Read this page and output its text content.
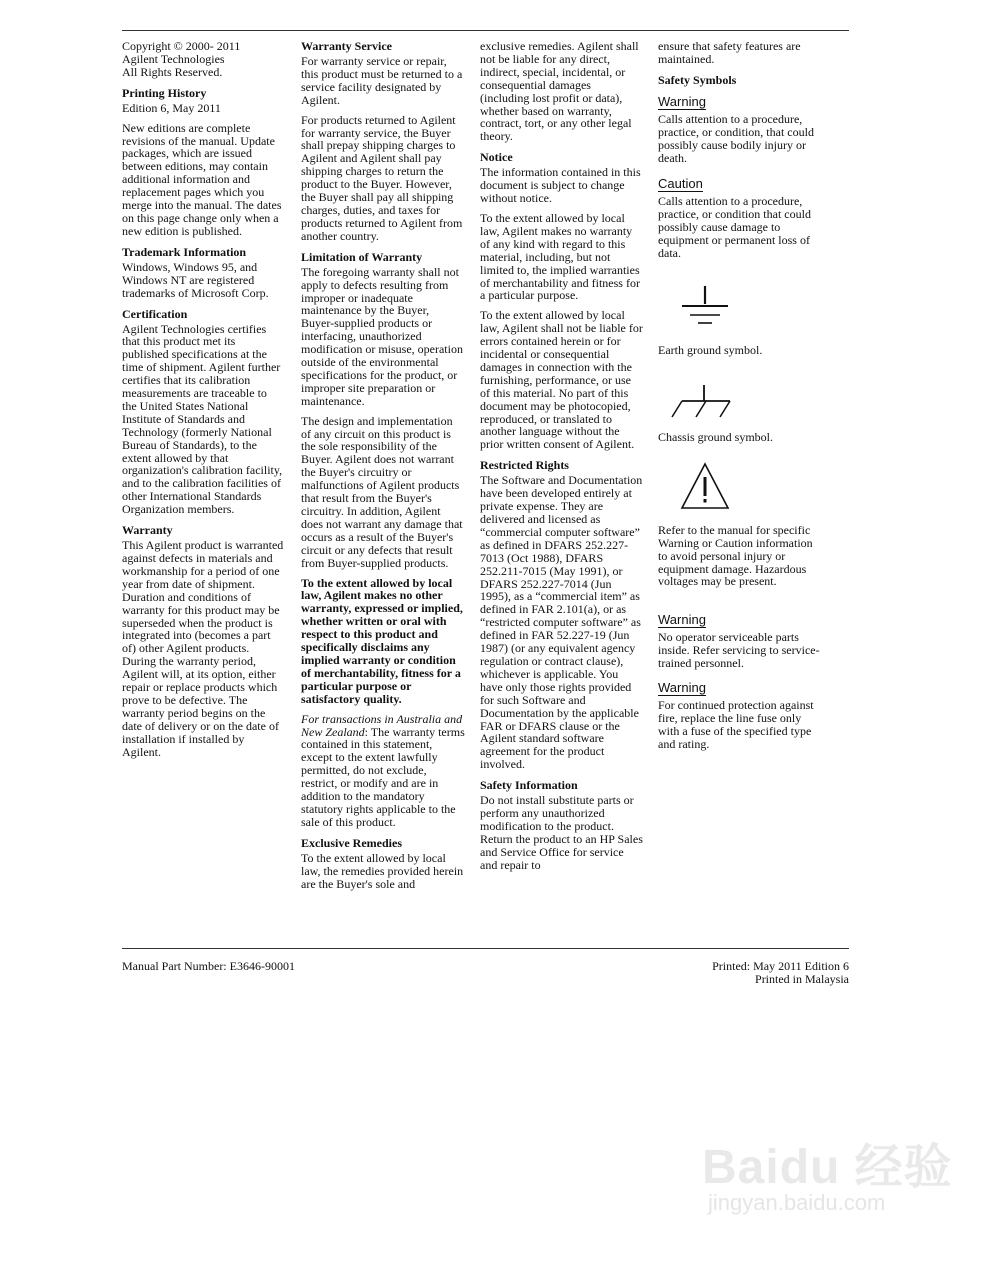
Copyright © 2000- 2011
Agilent Technologies

All Rights Reserved.

Printing History

Edition 6, May 2011

New editions are complete revisions of the manual. Update packages, which are issued between editions, may contain additional information and replacement pages which you merge into the manual. The dates on this page change only when a new edition is published.

Trademark Information

Windows, Windows 95, and Windows NT are registered trademarks of Microsoft Corp.

Certification

Agilent Technologies certifies that this product met its published specifications at the time of shipment. Agilent further certifies that its calibration measurements are traceable to the United States National Institute of Standards and Technology (formerly National Bureau of Standards), to the extent allowed by that organization's calibration facility, and to the calibration facilities of other International Standards Organization members.

Warranty
This Agilent product is warranted against defects in materials and workmanship for a period of one year from date of shipment. Duration and conditions of warranty for this product may be superseded when the product is integrated into (becomes a part of) other Agilent products.

During the warranty period, Agilent will, at its option, either repair or replace products which prove to be defective. The warranty period begins on the date of delivery or on the date of installation if installed by Agilent.

Warranty Service

For warranty service or repair, this product must be returned to a service facility designated by Agilent.

For products returned to Agilent for warranty service, the Buyer shall prepay shipping charges to Agilent and Agilent shall pay shipping charges to return the product to the Buyer. However, the Buyer shall pay all shipping charges, duties, and taxes for products returned to Agilent from another country.

Limitation of Warranty

The foregoing warranty shall not apply to defects resulting from improper or inadequate maintenance by the Buyer, Buyer-supplied products or interfacing, unauthorized modification or misuse, operation outside of the environmental specifications for the product, or improper site preparation or maintenance.

The design and implementation of any circuit on this product is the sole responsibility of the Buyer. Agilent does not warrant the Buyer's circuitry or malfunctions of Agilent products that result from the Buyer's circuitry. In addition, Agilent does not warrant any damage that occurs as a result of the Buyer's circuit or any defects that result from Buyer-supplied products.

To the extent allowed by local law, Agilent makes no other warranty, expressed or implied, whether written or oral with respect to this product and specifically disclaims any implied warranty or condition of merchantability, fitness for a particular purpose or satisfactory quality.

For transactions in Australia and New Zealand: The warranty terms contained in this statement, except to the extent lawfully permitted, do not exclude, restrict, or modify and are in addition to the mandatory statutory rights applicable to the sale of this product.

Exclusive Remedies

To the extent allowed by local law, the remedies provided herein are the Buyer's sole and

exclusive remedies. Agilent shall not be liable for any direct, indirect, special, incidental, or consequential damages (including lost profit or data), whether based on warranty, contract, tort, or any other legal theory.

Notice

The information contained in this document is subject to change without notice.

To the extent allowed by local law, Agilent makes no warranty of any kind with regard to this material, including, but not limited to, the implied warranties of merchantability and fitness for a particular purpose.

To the extent allowed by local law, Agilent shall not be liable for errors contained herein or for incidental or consequential damages in connection with the furnishing, performance, or use of this material. No part of this document may be photocopied, reproduced, or translated to another language without the prior written consent of Agilent.

Restricted Rights

The Software and Documentation have been developed entirely at private expense. They are delivered and licensed as “commercial computer software” as defined in DFARS 252.227-7013 (Oct 1988), DFARS 252.211-7015 (May 1991), or DFARS 252.227-7014 (Jun 1995), as a “commercial item” as defined in FAR 2.101(a), or as “restricted computer software” as defined in FAR 52.227-19 (Jun 1987) (or any equivalent agency regulation or contract clause), whichever is applicable. You have only those rights provided for such Software and Documentation by the applicable FAR or DFARS clause or the Agilent standard software agreement for the product involved.

Safety Information

Do not install substitute parts or perform any unauthorized modification to the product. Return the product to an HP Sales and Service Office for service and repair to

ensure that safety features are maintained.

Safety Symbols
Warning

Calls attention to a procedure, practice, or condition, that could possibly cause bodily injury or death.

Caution

Calls attention to a procedure, practice, or condition that could possibly cause damage to equipment or permanent loss of data.

Earth ground symbol.

Chassis ground symbol.

Refer to the manual for specific Warning or Caution information to avoid personal injury or equipment damage. Hazardous voltages may be present.

Warning

No operator serviceable parts inside. Refer servicing to service-trained personnel.

Warning

For continued protection against fire, replace the line fuse only with a fuse of the specified type and rating.

Manual Part Number: E3646-90001	Printed: May 2011 Edition 6
Printed in Malaysia
Baidu 经验
jingyan.baidu.com
